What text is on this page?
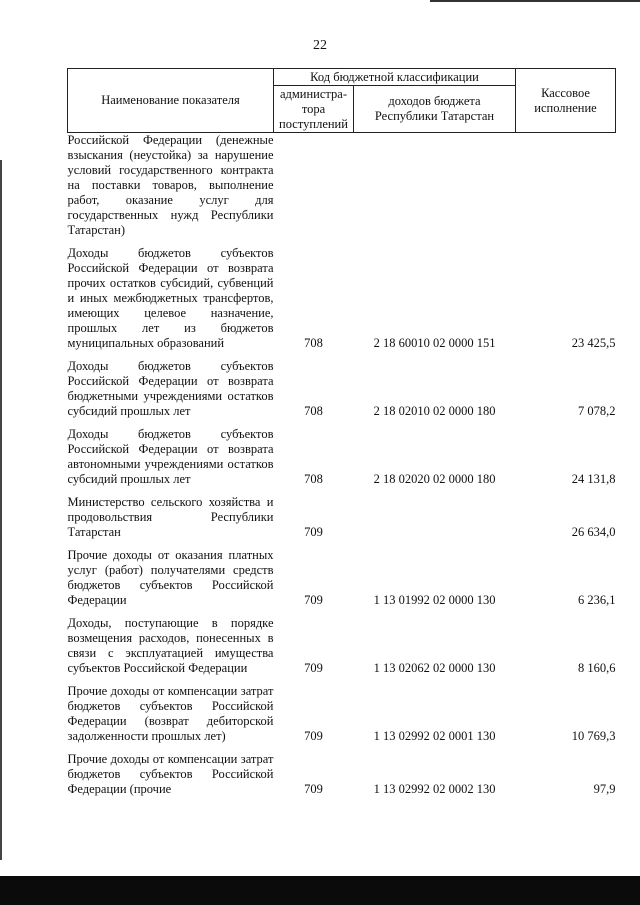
22
Наименование показателя	Код бюджетной классификации		Кассовое исполнение
	администра-тора поступлений	доходов бюджета Республики Татарстан	
Российской Федерации (денежные взыскания (неустойка) за нарушение условий государственного контракта на поставки товаров, выполнение работ, оказание услуг для государственных нужд Республики Татарстан)			

Доходы бюджетов субъектов Российской Федерации от возврата прочих остатков субсидий, субвенций и иных межбюджетных трансфертов, имеющих целевое назначение, прошлых лет из бюджетов муниципальных образований	708	2 18 60010 02 0000 151	23 425,5

Доходы бюджетов субъектов Российской Федерации от возврата бюджетными учреждениями остатков субсидий прошлых лет	708	2 18 02010 02 0000 180	7 078,2

Доходы бюджетов субъектов Российской Федерации от возврата автономными учреждениями остатков субсидий прошлых лет	708	2 18 02020 02 0000 180	24 131,8

Министерство сельского хозяйства и продовольствия Республики Татарстан	709		26 634,0

Прочие доходы от оказания платных услуг (работ) получателями средств бюджетов субъектов Российской Федерации	709	1 13 01992 02 0000 130	6 236,1

Доходы, поступающие в порядке возмещения расходов, понесенных в связи с эксплуатацией имущества субъектов Российской Федерации	709	1 13 02062 02 0000 130	8 160,6

Прочие доходы от компенсации затрат бюджетов субъектов Российской Федерации (возврат дебиторской задолженности прошлых лет)	709	1 13 02992 02 0001 130	10 769,3

Прочие доходы от компенсации затрат бюджетов субъектов Российской Федерации (прочие	709	1 13 02992 02 0002 130	97,9
